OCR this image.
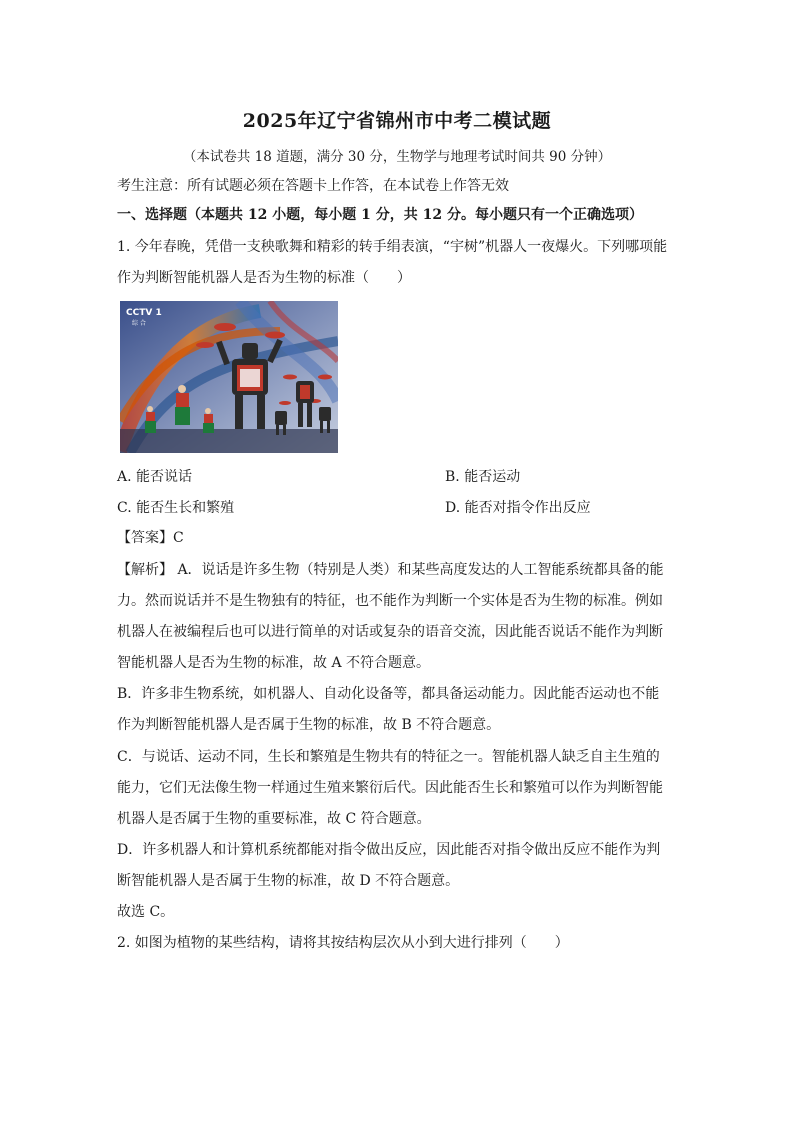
2025年辽宁省锦州市中考二模试题
（本试卷共 18 道题，满分 30 分，生物学与地理考试时间共 90 分钟）
考生注意：所有试题必须在答题卡上作答，在本试卷上作答无效
一、选择题（本题共 12 小题，每小题 1 分，共 12 分。每小题只有一个正确选项）
1. 今年春晚，凭借一支秧歌舞和精彩的转手绢表演，“宇树”机器人一夜爆火。下列哪项能
作为判断智能机器人是否为生物的标准（　　）
CCTV 1
综 合
A. 能否说话	B. 能否运动
C. 能否生长和繁殖	D. 能否对指令作出反应
【答案】C
【解析】 A．说话是许多生物（特别是人类）和某些高度发达的人工智能系统都具备的能
力。然而说话并不是生物独有的特征，也不能作为判断一个实体是否为生物的标准。例如
机器人在被编程后也可以进行简单的对话或复杂的语音交流，因此能否说话不能作为判断
智能机器人是否为生物的标准，故 A 不符合题意。
B．许多非生物系统，如机器人、自动化设备等，都具备运动能力。因此能否运动也不能
作为判断智能机器人是否属于生物的标准，故 B 不符合题意。
C．与说话、运动不同，生长和繁殖是生物共有的特征之一。智能机器人缺乏自主生殖的
能力，它们无法像生物一样通过生殖来繁衍后代。因此能否生长和繁殖可以作为判断智能
机器人是否属于生物的重要标准，故 C 符合题意。
D．许多机器人和计算机系统都能对指令做出反应，因此能否对指令做出反应不能作为判
断智能机器人是否属于生物的标准，故 D 不符合题意。
故选 C。
2. 如图为植物的某些结构，请将其按结构层次从小到大进行排列（　　）
